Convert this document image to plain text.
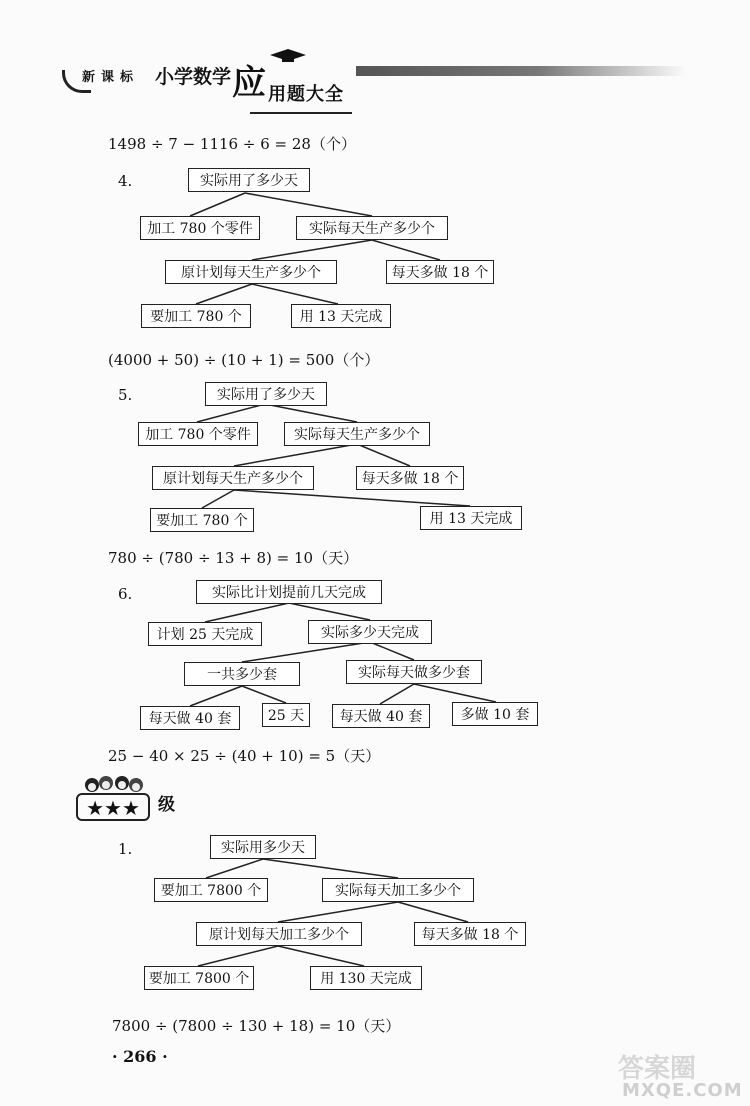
新课标 小学数学 应 用题大全
1498 ÷ 7 − 1116 ÷ 6 = 28（个）
4.	实际用了多少天
加工 780 个零件	实际每天生产多少个
原计划每天生产多少个	每天多做 18 个
要加工 780 个	用 13 天完成
(4000 + 50) ÷ (10 + 1) = 500（个）
5.	实际用了多少天
加工 780 个零件	实际每天生产多少个
原计划每天生产多少个	每天多做 18 个
要加工 780 个	用 13 天完成
780 ÷ (780 ÷ 13 + 8) = 10（天）
6.	实际比计划提前几天完成
计划 25 天完成	实际多少天完成
一共多少套	实际每天做多少套
每天做 40 套	25 天	每天做 40 套	多做 10 套
25 − 40 × 25 ÷ (40 + 10) = 5（天）
★★★	级
1.	实际用多少天
要加工 7800 个	实际每天加工多少个
原计划每天加工多少个	每天多做 18 个
要加工 7800 个	用 130 天完成
7800 ÷ (7800 ÷ 130 + 18) = 10（天）
· 266 ·	答案圈
MXQE.COM
